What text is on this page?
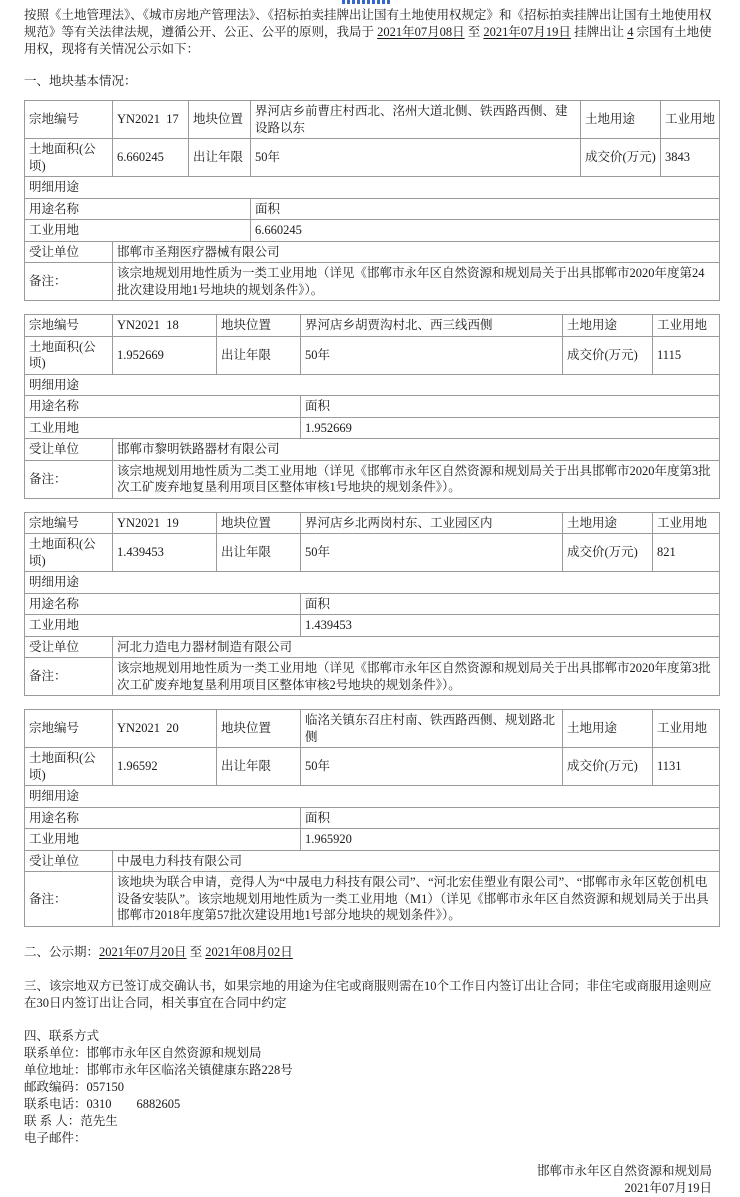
按照《土地管理法》、《城市房地产管理法》、《招标拍卖挂牌出让国有土地使用权规定》和《招标拍卖挂牌出让国有土地使用权规范》等有关法律法规，遵循公开、公正、公平的原则，我局于 2021年07月08日 至 2021年07月19日 挂牌出让 4 宗国有土地使用权，现将有关情况公示如下：

一、地块基本情况：

宗地编号	YN2021  17	地块位置	界河店乡前曹庄村西北、洺州大道北侧、铁西路西侧、建设路以东	土地用途	工业用地
土地面积(公顷)	6.660245	出让年限	50年	成交价(万元)	3843
明细用途					
用途名称			面积		
工业用地			6.660245		
受让单位	邯郸市圣翔医疗器械有限公司				
备注：	该宗地规划用地性质为一类工业用地（详见《邯郸市永年区自然资源和规划局关于出具邯郸市2020年度第24批次建设用地1号地块的规划条件》）。				
宗地编号	YN2021  18	地块位置	界河店乡胡贾沟村北、西三线西侧	土地用途	工业用地
土地面积(公顷)	1.952669	出让年限	50年	成交价(万元)	1115
明细用途					
用途名称			面积		
工业用地			1.952669		
受让单位	邯郸市黎明铁路器材有限公司				
备注：	该宗地规划用地性质为二类工业用地（详见《邯郸市永年区自然资源和规划局关于出具邯郸市2020年度第3批次工矿废弃地复垦利用项目区整体审核1号地块的规划条件》）。				
宗地编号	YN2021  19	地块位置	界河店乡北两岗村东、工业园区内	土地用途	工业用地
土地面积(公顷)	1.439453	出让年限	50年	成交价(万元)	821
明细用途					
用途名称			面积		
工业用地			1.439453		
受让单位	河北力造电力器材制造有限公司				
备注：	该宗地规划用地性质为一类工业用地（详见《邯郸市永年区自然资源和规划局关于出具邯郸市2020年度第3批次工矿废弃地复垦利用项目区整体审核2号地块的规划条件》）。				
宗地编号	YN2021  20	地块位置	临洺关镇东召庄村南、铁西路西侧、规划路北侧	土地用途	工业用地
土地面积(公顷)	1.96592	出让年限	50年	成交价(万元)	1131
明细用途					
用途名称			面积		
工业用地			1.965920		
受让单位	中晟电力科技有限公司				
备注：	该地块为联合申请，竞得人为“中晟电力科技有限公司”、“河北宏佳塑业有限公司”、“邯郸市永年区乾创机电设备安装队”。该宗地规划用地性质为一类工业用地（M1）（详见《邯郸市永年区自然资源和规划局关于出具邯郸市2018年度第57批次建设用地1号部分地块的规划条件》）。				

二、公示期：2021年07月20日 至 2021年08月02日

三、该宗地双方已签订成交确认书，如果宗地的用途为住宅或商服则需在10个工作日内签订出让合同；非住宅或商服用途则应在30日内签订出让合同，相关事宜在合同中约定

四、联系方式
联系单位：邯郸市永年区自然资源和规划局
单位地址：邯郸市永年区临洺关镇健康东路228号
邮政编码：057150
联系电话：0310        6882605
联 系 人：范先生
电子邮件：
邯郸市永年区自然资源和规划局
2021年07月19日
